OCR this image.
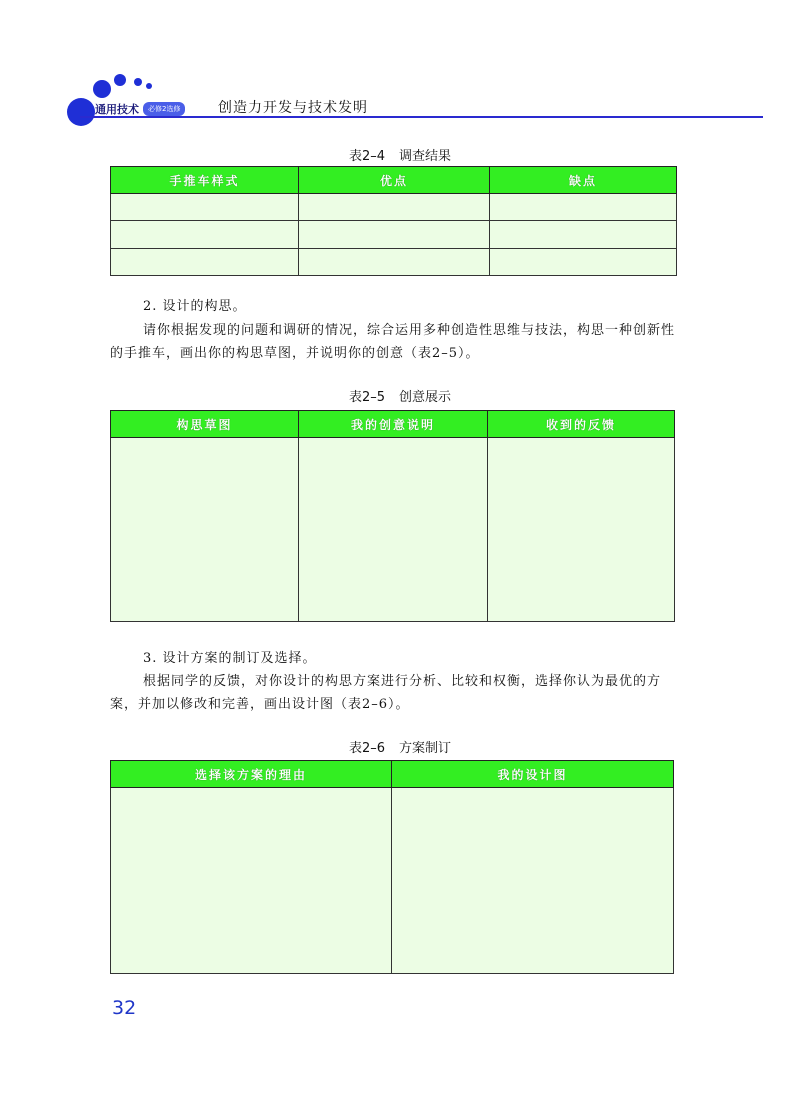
通用技术	必修2选修	创造力开发与技术发明
表2–4 调查结果
手推车样式	优点	缺点

2. 设计的构思。

请你根据发现的问题和调研的情况，综合运用多种创造性思维与技法，构思一种创新性的手推车，画出你的构思草图，并说明你的创意（表2–5）。

表2–5 创意展示
构思草图	我的创意说明	收到的反馈

3. 设计方案的制订及选择。

根据同学的反馈，对你设计的构思方案进行分析、比较和权衡，选择你认为最优的方案，并加以修改和完善，画出设计图（表2–6）。

表2–6 方案制订
选择该方案的理由	我的设计图

32
